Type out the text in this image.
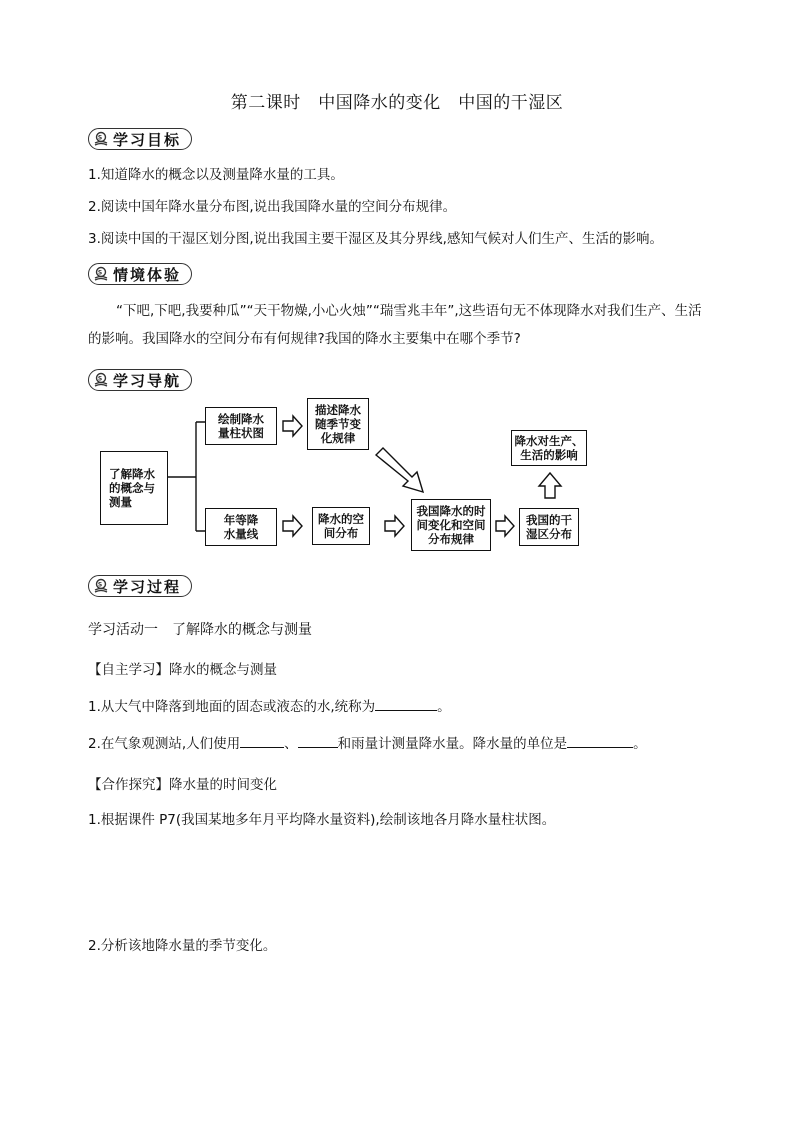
第二课时　中国降水的变化　中国的干湿区
S 学习目标
1.知道降水的概念以及测量降水量的工具。
2.阅读中国年降水量分布图,说出我国降水量的空间分布规律。
3.阅读中国的干湿区划分图,说出我国主要干湿区及其分界线,感知气候对人们生产、生活的影响。
S 情境体验
“下吧,下吧,我要种瓜”“天干物燥,小心火烛”“瑞雪兆丰年”,这些语句无不体现降水对我们生产、生活的影响。我国降水的空间分布有何规律?我国的降水主要集中在哪个季节?
S 学习导航
了解降水
的概念与
测量
绘制降水
量柱状图
描述降水
随季节变
化规律
年等降
水量线
降水的空
间分布
我国降水的时
间变化和空间
分布规律
我国的干
湿区分布
降水对生产、
生活的影响
S 学习过程
学习活动一　了解降水的概念与测量
【自主学习】降水的概念与测量
1.从大气中降落到地面的固态或液态的水,统称为	。
2.在气象观测站,人们使用	、	和雨量计测量降水量。降水量的单位是	。
【合作探究】降水量的时间变化
1.根据课件 P7(我国某地多年月平均降水量资料),绘制该地各月降水量柱状图。
2.分析该地降水量的季节变化。
